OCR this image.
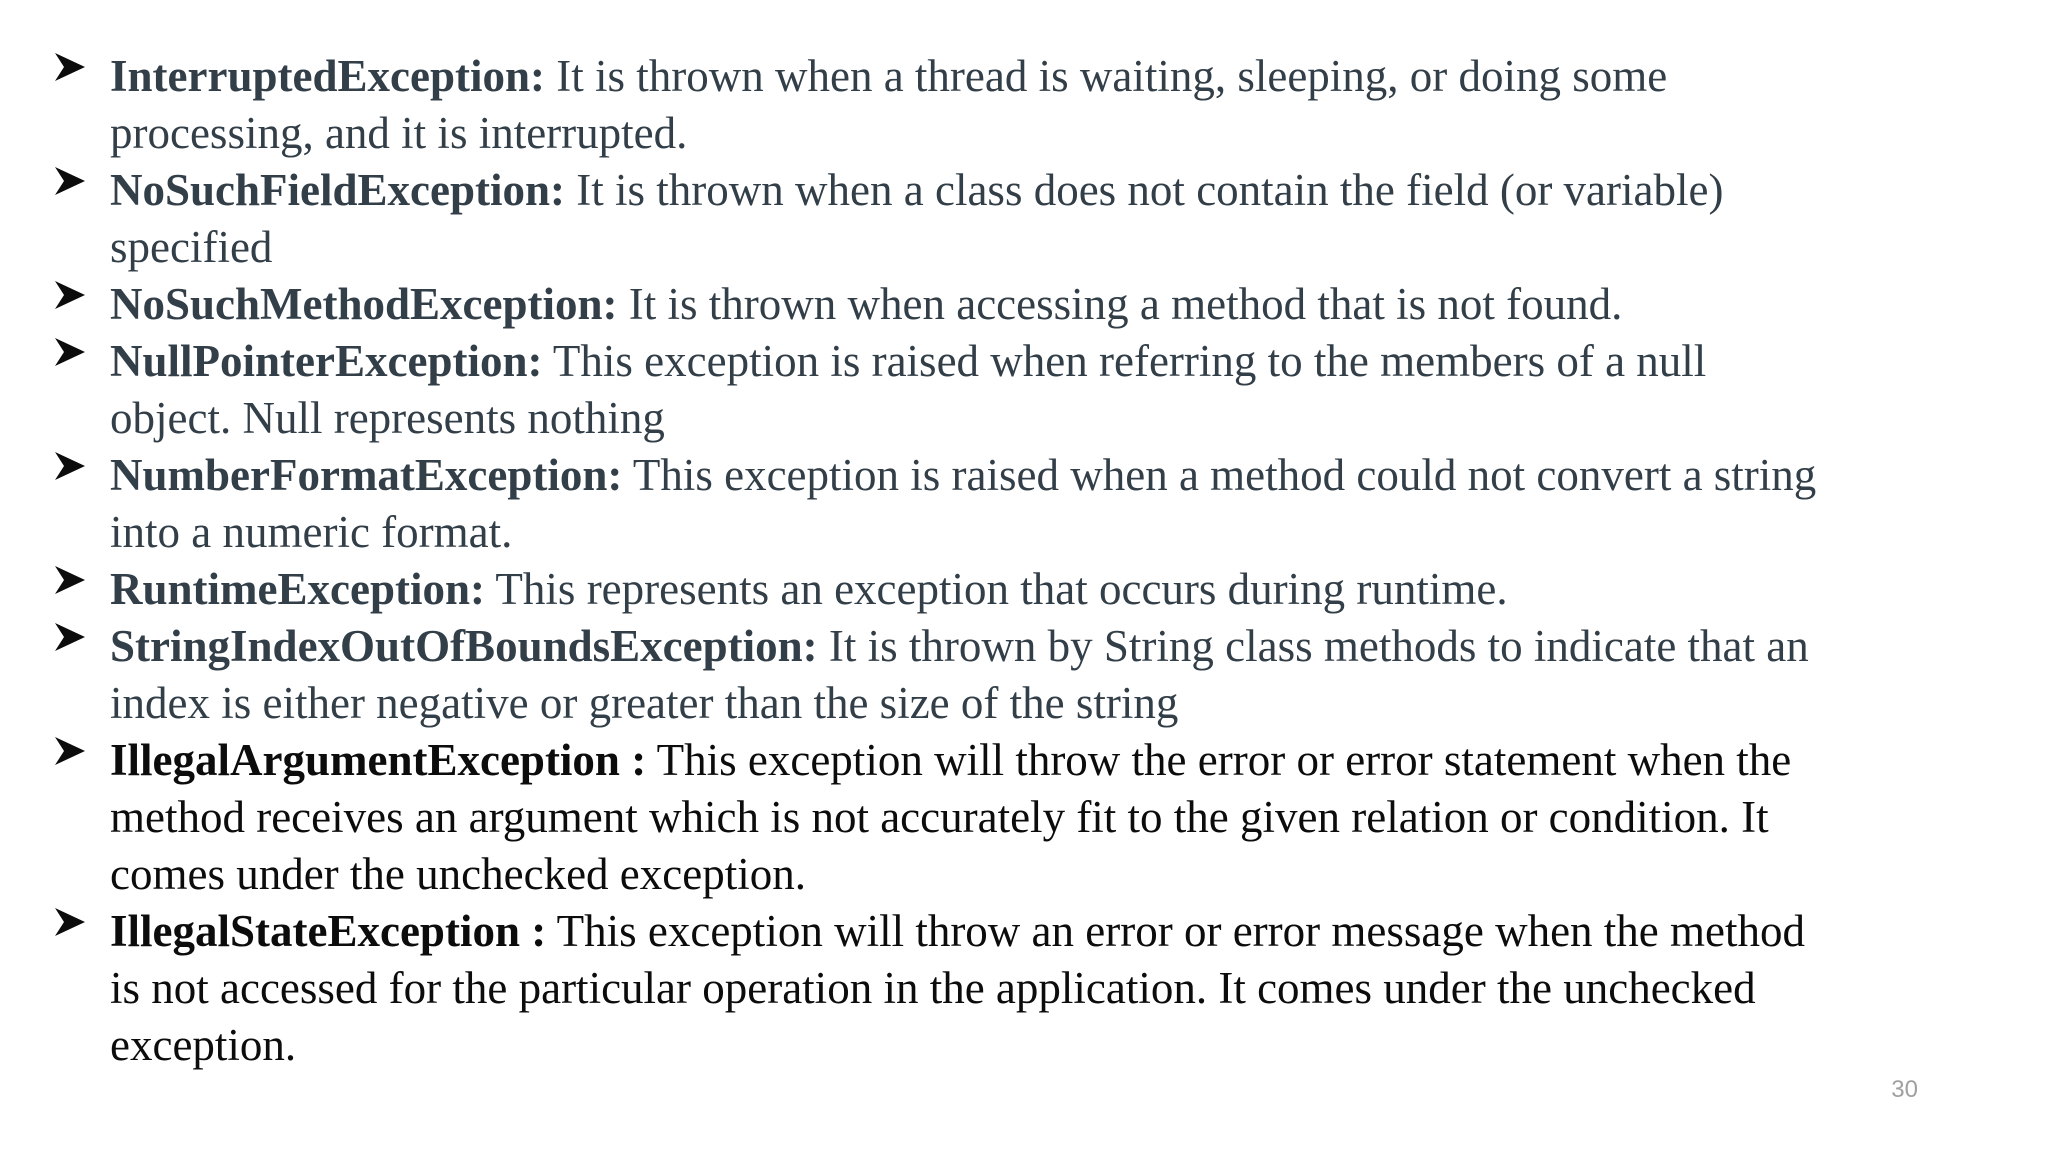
InterruptedException: It is thrown when a thread is waiting, sleeping, or doing some processing, and it is interrupted.
NoSuchFieldException: It is thrown when a class does not contain the field (or variable) specified
NoSuchMethodException: It is thrown when accessing a method that is not found.
NullPointerException: This exception is raised when referring to the members of a null object. Null represents nothing
NumberFormatException: This exception is raised when a method could not convert a string into a numeric format.
RuntimeException: This represents an exception that occurs during runtime.
StringIndexOutOfBoundsException: It is thrown by String class methods to indicate that an index is either negative or greater than the size of the string
IllegalArgumentException : This exception will throw the error or error statement when the method receives an argument which is not accurately fit to the given relation or condition. It comes under the unchecked exception.
IllegalStateException : This exception will throw an error or error message when the method is not accessed for the particular operation in the application. It comes under the unchecked exception.
30
